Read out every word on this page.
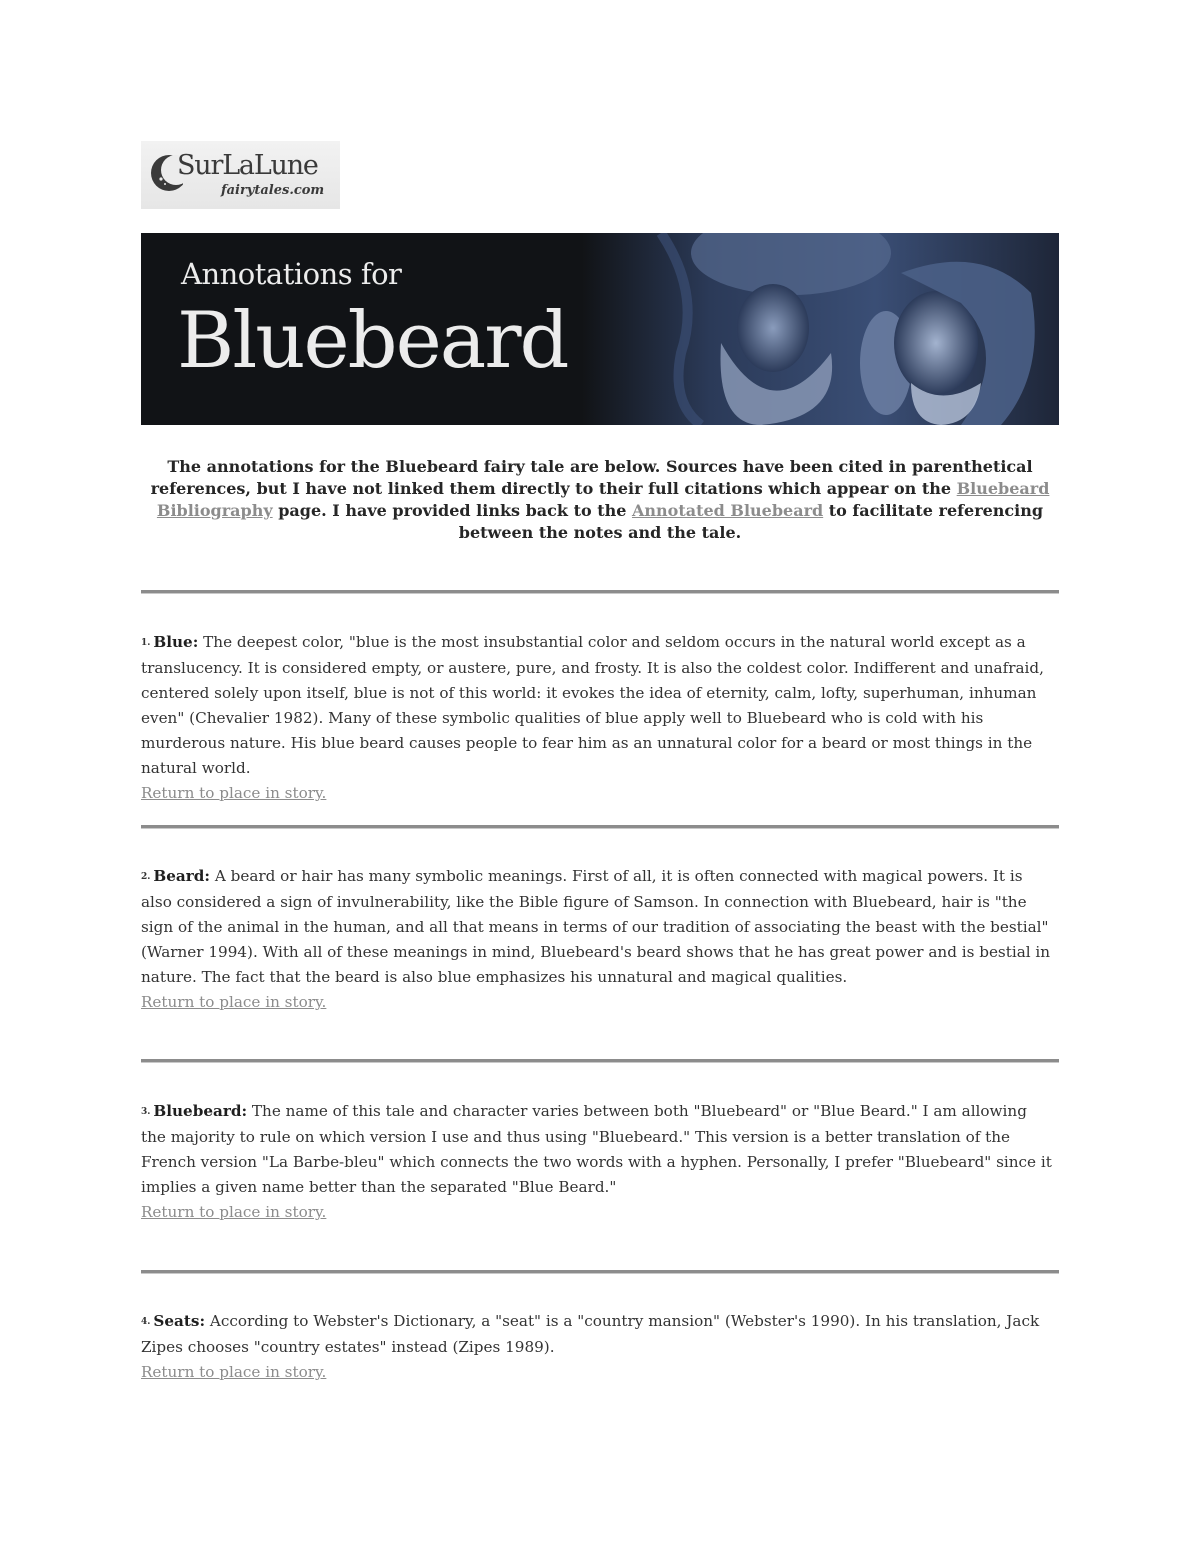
SurLaLune
fairytales.com
Annotations for
Bluebeard
The annotations for the Bluebeard fairy tale are below. Sources have been cited in parenthetical references, but I have not linked them directly to their full citations which appear on the Bluebeard Bibliography page. I have provided links back to the Annotated Bluebeard to facilitate referencing between the notes and the tale.
1. Blue: The deepest color, "blue is the most insubstantial color and seldom occurs in the natural world except as a translucency. It is considered empty, or austere, pure, and frosty. It is also the coldest color. Indifferent and unafraid, centered solely upon itself, blue is not of this world: it evokes the idea of eternity, calm, lofty, superhuman, inhuman even" (Chevalier 1982). Many of these symbolic qualities of blue apply well to Bluebeard who is cold with his murderous nature. His blue beard causes people to fear him as an unnatural color for a beard or most things in the natural world.
Return to place in story.
2. Beard: A beard or hair has many symbolic meanings. First of all, it is often connected with magical powers. It is also considered a sign of invulnerability, like the Bible figure of Samson. In connection with Bluebeard, hair is "the sign of the animal in the human, and all that means in terms of our tradition of associating the beast with the bestial" (Warner 1994). With all of these meanings in mind, Bluebeard's beard shows that he has great power and is bestial in nature. The fact that the beard is also blue emphasizes his unnatural and magical qualities.
Return to place in story.
3. Bluebeard: The name of this tale and character varies between both "Bluebeard" or "Blue Beard." I am allowing the majority to rule on which version I use and thus using "Bluebeard." This version is a better translation of the French version "La Barbe-bleu" which connects the two words with a hyphen. Personally, I prefer "Bluebeard" since it implies a given name better than the separated "Blue Beard."
Return to place in story.
4. Seats: According to Webster's Dictionary, a "seat" is a "country mansion" (Webster's 1990). In his translation, Jack Zipes chooses "country estates" instead (Zipes 1989).
Return to place in story.
